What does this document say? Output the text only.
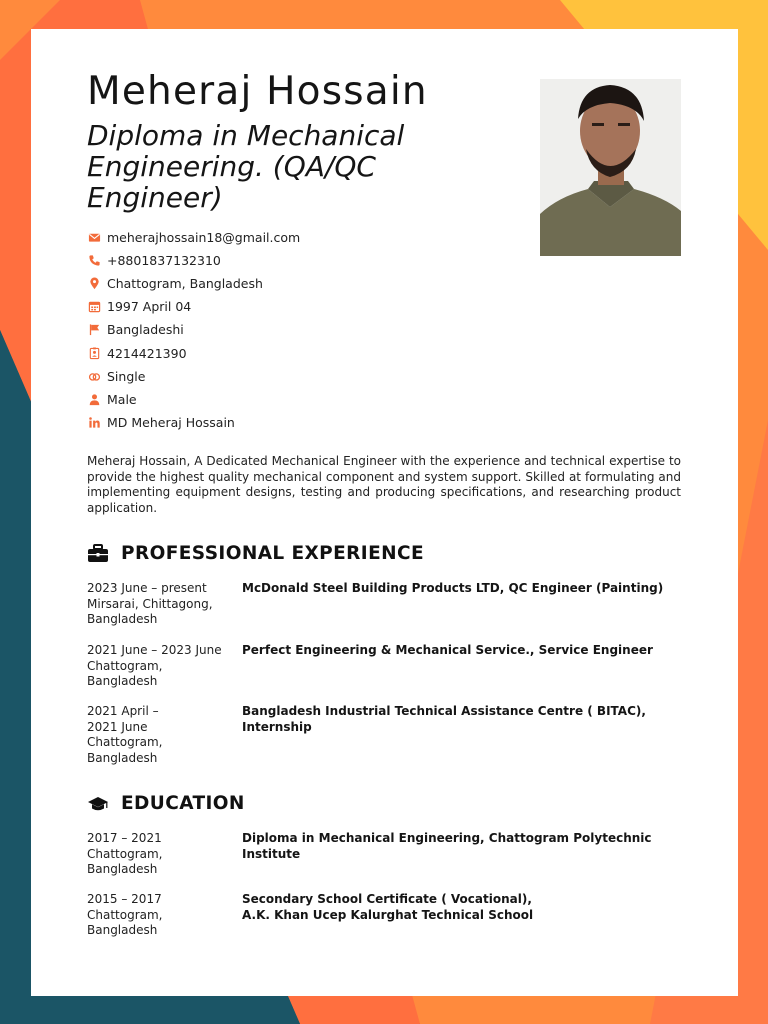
Meheraj Hossain
Diploma in Mechanical Engineering. (QA/QC Engineer)
meherajhossain18@gmail.com
+8801837132310
Chattogram, Bangladesh
1997 April 04
Bangladeshi
4214421390
Single
Male
MD Meheraj Hossain

Meheraj Hossain, A Dedicated Mechanical Engineer with the experience and technical expertise to provide the highest quality mechanical component and system support. Skilled at formulating and implementing equipment designs, testing and producing specifications, and researching product application.

PROFESSIONAL EXPERIENCE
2023 June – present
Mirsarai, Chittagong, Bangladesh
McDonald Steel Building Products LTD, QC Engineer (Painting)
2021 June – 2023 June
Chattogram, Bangladesh
Perfect Engineering & Mechanical Service., Service Engineer
2021 April –
2021 June
Chattogram, Bangladesh
Bangladesh Industrial Technical Assistance Centre ( BITAC), Internship
EDUCATION
2017 – 2021
Chattogram, Bangladesh
Diploma in Mechanical Engineering, Chattogram Polytechnic Institute
2015 – 2017
Chattogram, Bangladesh
Secondary School Certificate ( Vocational),
A.K. Khan Ucep Kalurghat Technical School
